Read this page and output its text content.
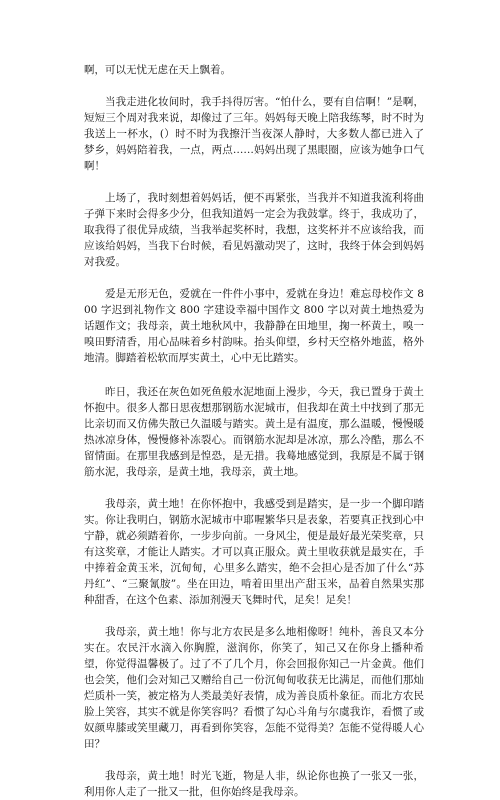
啊，可以无忧无虑在天上飘着。

当我走进化妆间时，我手抖得厉害。“怕什么，要有自信啊！”是啊，短短三个周对我来说，却像过了三年。妈妈每天晚上陪我练琴，时不时为我送上一杯水，(）时不时为我擦汗当夜深人静时，大多数人都已进入了梦乡，妈妈陪着我，一点，两点……妈妈出现了黑眼圈，应该为她争口气啊！

上场了，我时刻想着妈妈话，便不再紧张，当我并不知道我流利将曲子弹下来时会得多少分，但我知道妈一定会为我鼓掌。终于，我成功了，取我得了很优异成绩，当我举起奖杯时，我想，这奖杯并不应该给我，而应该给妈妈，当我下台时候，看见妈激动哭了，这时，我终于体会到妈妈对我爱。

爱是无形无色，爱就在一件件小事中，爱就在身边！难忘母校作文 800 字迟到礼物作文 800 字建设幸福中国作文 800 字以对黄土地热爱为话题作文；我母亲，黄土地秋风中，我静静在田地里，掬一杯黄土，嗅一嗅田野清香，用心品味着乡村韵味。抬头仰望，乡村天空格外地蓝，格外地清。脚踏着松软而厚实黄土，心中无比踏实。

昨日，我还在灰色如死鱼般水泥地面上漫步，今天，我已置身于黄土怀抱中。很多人都日思夜想那钢筋水泥城市，但我却在黄土中找到了那无比亲切而又仿佛失散已久温暖与踏实。黄土是有温度，那么温暖，慢慢暖热冰凉身体，慢慢修补冻裂心。而钢筋水泥却是冰凉，那么冷酷，那么不留情面。在那里我感到是惶恐，是无措。我蓦地感觉到，我原是不属于钢筋水泥，我母亲，是黄土地，我母亲，黄土地。

我母亲，黄土地！在你怀抱中，我感受到是踏实，是一步一个脚印踏实。你让我明白，钢筋水泥城市中耶喔繁华只是表象，若要真正找到心中宁静，就必须踏着你，一步步向前。一身风尘，便是最好最光荣奖章，只有这奖章，才能让人踏实。才可以真正服众。黄土里收获就是最实在，手中捧着金黄玉米，沉甸甸，心里多么踏实，绝不会担心是否加了什么“苏丹红”、“三聚氰胺”。坐在田边，啃着田里出产甜玉米，品着自然果实那种甜香，在这个色素、添加剂漫天飞舞时代，足矣！足矣！

我母亲，黄土地！你与北方农民是多么地相像呀！纯朴，善良又本分实在。农民汗水滴入你胸膛，滋润你，你笑了，知己又在你身上播种希望，你觉得温馨极了。过了不了几个月，你会回报你知己一片金黄。他们也会笑，他们会对知己又赠给自己一份沉甸甸收获无比满足，而他们那灿烂质朴一笑，被定格为人类最美好表情，成为善良质朴象征。而北方农民脸上笑容，其实不就是你笑容吗？看惯了勾心斗角与尔虞我诈，看惯了或奴颜卑膝或笑里藏刀，再看到你笑容，怎能不觉得美？怎能不觉得暖人心田？

我母亲，黄土地！时光飞逝，物是人非，纵论你也换了一张又一张，利用你人走了一批又一批，但你始终是我母亲。
